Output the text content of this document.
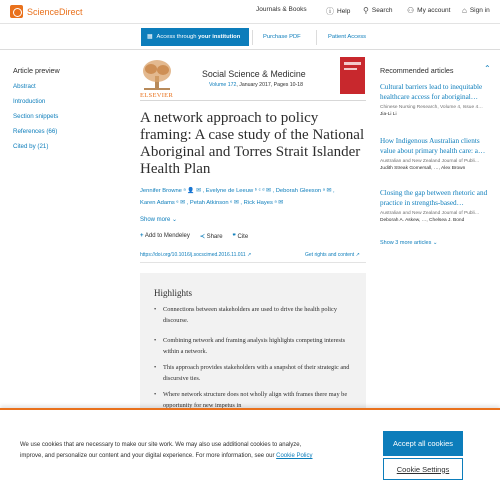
ScienceDirect	Journals & Books ⓘ Help ⚲ Search ⚇ My account ⌂ Sign in
▦ Access through your institution	Purchase PDF	Patient Access
Article preview
Abstract
Introduction
Section snippets
References (66)
Cited by (21)
ELSEVIER
Social Science & Medicine
Volume 172, January 2017, Pages 10-18
A network approach to policy framing: A case study of the National Aboriginal and Torres Strait Islander Health Plan
Jennifer Browne ᵃ 👤 ✉ , Evelyne de Leeuw ᵇ ᶜ ᵈ ✉ , Deborah Gleeson ᵃ ✉ ,
Karen Adams ᵉ ✉ , Petah Atkinson ᵉ ✉ , Rick Hayes ᵃ ✉
Show more ⌄
+ Add to Mendeley ≺ Share ❞ Cite
https://doi.org/10.1016/j.socscimed.2016.11.011 ↗	Get rights and content ↗
Highlights
• Connections between stakeholders are used to drive the health policy discourse.
• Combining network and framing analysis highlights competing interests within a network.
• This approach provides stakeholders with a snapshot of their strategic and discursive ties.
• Where network structure does not wholly align with frames there may be opportunity for new impetus in
Recommended articles	⌃
Cultural barriers lead to inequitable healthcare access for aboriginal…
Chinese Nursing Research, Volume 4, Issue 4…
Jia-Li Li
How Indigenous Australian clients value about primary health care: a…
Australian and New Zealand Journal of Publi…
Judith Streak Gomersall, …, Alex Brown
Closing the gap between rhetoric and practice in strengths-based…
Australian and New Zealand Journal of Publi…
Deborah A. Askew, …, Chelsea J. Bond
Show 3 more articles ⌄
We use cookies that are necessary to make our site work. We may also use additional cookies to analyze, improve, and personalize our content and your digital experience. For more information, see our Cookie Policy
Accept all cookies
Cookie Settings
